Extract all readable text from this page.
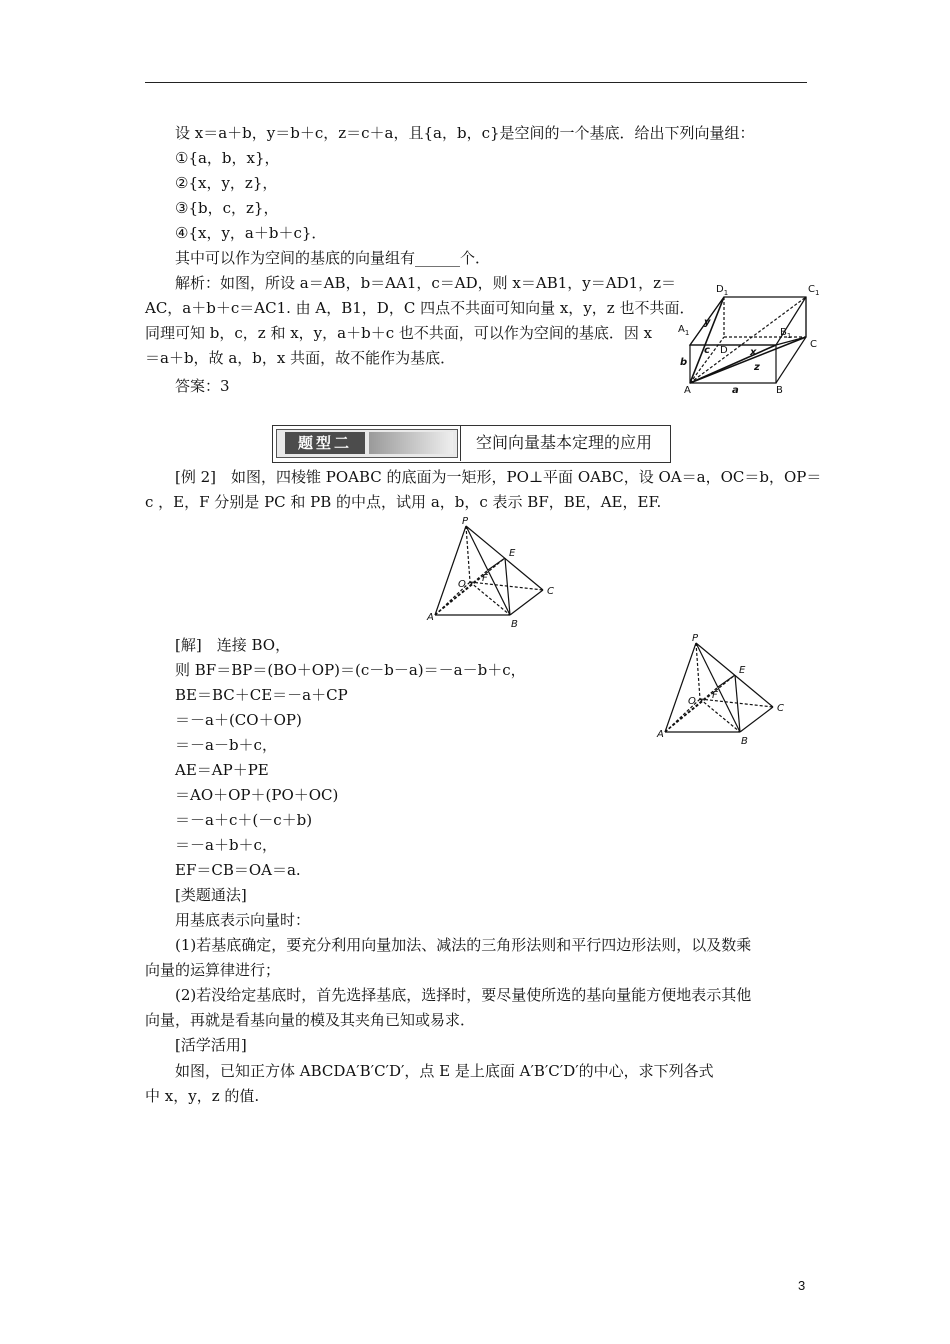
设 x＝a＋b，y＝b＋c，z＝c＋a，且{a，b，c}是空间的一个基底．给出下列向量组：
①{a，b，x}，
②{x，y，z}，
③{b，c，z}，
④{x，y，a＋b＋c}．
其中可以作为空间的基底的向量组有______个．
解析：如图，所设 a＝AB，b＝AA1，c＝AD，则 x＝AB1，y＝AD1，z＝
AC，a＋b＋c＝AC1. 由 A，B1，D，C 四点不共面可知向量 x，y，z 也不共面．
同理可知 b，c，z 和 x，y，a＋b＋c 也不共面，可以作为空间的基底．因 x
＝a＋b，故 a，b，x 共面，故不能作为基底．
答案：3
$D_1$	$C_1$
$A_1$	$B_1$
y
b
c D x
z
C
A	a	B
题型二	空间向量基本定理的应用
[例 2]　如图，四棱锥 POABC 的底面为一矩形，PO⊥平面 OABC，设 OA＝a，OC＝b，OP＝
c ，E，F 分别是 PC 和 PB 的中点，试用 a，b，c 表示 BF，BE，AE，EF.
P
E
F
O
C
A
B
[解]　连接 BO，
则 BF＝BP＝(BO＋OP)＝(c－b－a)＝－a－b＋c，
BE＝BC＋CE＝－a＋CP
＝－a＋(CO＋OP)
＝－a－b＋c，
AE＝AP＋PE
＝AO＋OP＋(PO＋OC)
＝－a＋c＋(－c＋b)
＝－a＋b＋c，
EF＝CB＝OA＝a.
P
E
F
O
C
A
B
[类题通法]
用基底表示向量时：
(1)若基底确定，要充分利用向量加法、减法的三角形法则和平行四边形法则，以及数乘
向量的运算律进行；
(2)若没给定基底时，首先选择基底，选择时，要尽量使所选的基向量能方便地表示其他
向量，再就是看基向量的模及其夹角已知或易求．
[活学活用]
如图，已知正方体 ABCDA′B′C′D′，点 E 是上底面 A′B′C′D′的中心，求下列各式
中 x，y，z 的值.
3
